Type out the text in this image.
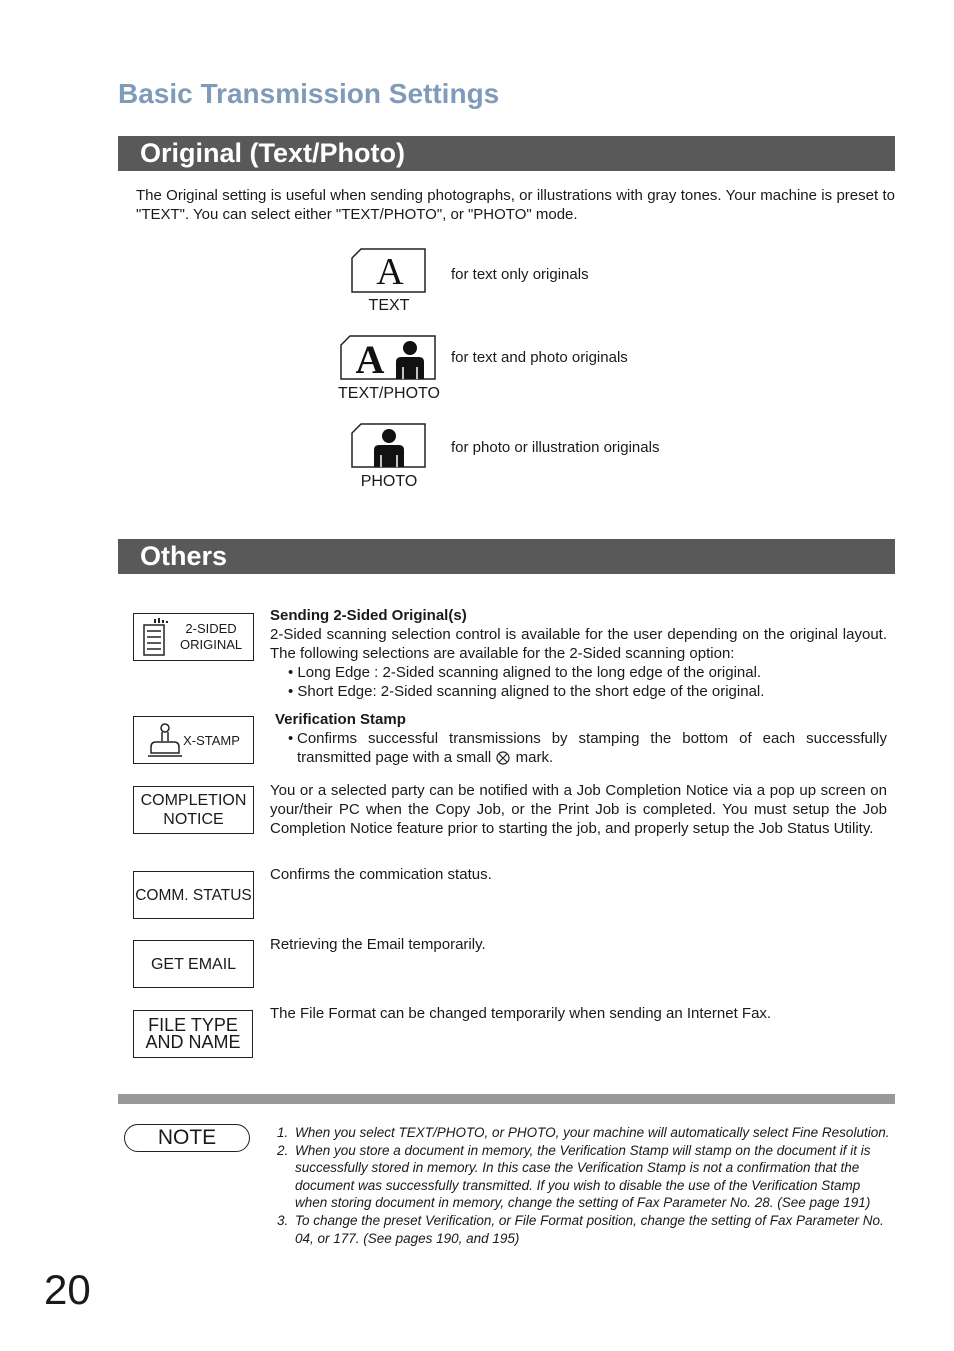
Basic Transmission Settings
Original (Text/Photo)
The Original setting is useful when sending photographs, or illustrations with gray tones. Your machine is preset to "TEXT". You can select either "TEXT/PHOTO", or "PHOTO" mode.
A
TEXT
for text only originals
A
TEXT/PHOTO
for text and photo originals
PHOTO
for photo or illustration originals
Others
2-SIDED
ORIGINAL
Sending 2-Sided Original(s)
2-Sided scanning selection control is available for the user depending on the original layout. The following selections are available for the 2-Sided scanning option:
• Long Edge : 2-Sided scanning aligned to the long edge of the original.
• Short Edge: 2-Sided scanning aligned to the short edge of the original.
X-STAMP
Verification Stamp
• Confirms successful transmissions by stamping the bottom of each successfully transmitted page with a small mark.
COMPLETION
NOTICE
You or a selected party can be notified with a Job Completion Notice via a pop up screen on your/their PC when the Copy Job, or the Print Job is completed. You must setup the Job Completion Notice feature prior to starting the job, and properly setup the Job Status Utility.
COMM. STATUS
Confirms the commication status.
GET EMAIL
Retrieving the Email temporarily.
FILE TYPE
AND NAME
The File Format can be changed temporarily when sending an Internet Fax.
NOTE	1. When you select TEXT/PHOTO, or PHOTO, your machine will automatically select Fine Resolution.
2. When you store a document in memory, the Verification Stamp will stamp on the document if it is successfully stored in memory. In this case the Verification Stamp is not a confirmation that the document was successfully transmitted. If you wish to disable the use of the Verification Stamp when storing document in memory, change the setting of Fax Parameter No. 28. (See page 191)
3. To change the preset Verification, or File Format position, change the setting of Fax Parameter No. 04, or 177. (See pages 190, and 195)
20
